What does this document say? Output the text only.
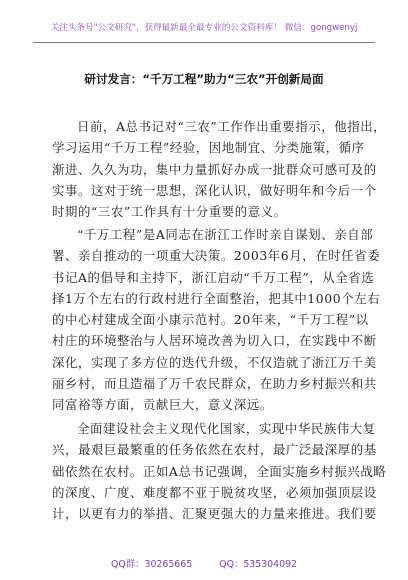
关注头条号"公文研究"，获得最新最全最专业的公文资料库！ 微信：gongwenyj
研讨发言：“千万工程”助力“三农”开创新局面
日前，A总书记对“三农”工作作出重要指示，他指出，
学习运用“千万工程”经验，因地制宜、分类施策，循序
渐进、久久为功，集中力量抓好办成一批群众可感可及的
实事。这对于统一思想，深化认识，做好明年和今后一个
时期的“三农”工作具有十分重要的意义。
“千万工程”是A同志在浙江工作时亲自谋划、亲自部
署、亲自推动的一项重大决策。2003年6月，在时任省委
书记A的倡导和主持下，浙江启动“千万工程”，从全省选
择1万个左右的行政村进行全面整治，把其中1000个左右
的中心村建成全面小康示范村。20年来，“千万工程”以
村庄的环境整治与人居环境改善为切入口，在实践中不断
深化，实现了多方位的迭代升级，不仅造就了浙江万千美
丽乡村，而且造福了万千农民群众，在助力乡村振兴和共
同富裕等方面，贡献巨大，意义深远。
全面建设社会主义现代化国家，实现中华民族伟大复
兴，最艰巨最繁重的任务依然在农村，最广泛最深厚的基
础依然在农村。正如A总书记强调，全面实施乡村振兴战略
的深度、广度、难度都不亚于脱贫攻坚，必须加强顶层设
计，以更有力的举措、汇聚更强大的力量来推进。我们要
QQ群：30265665	QQ：535304092
